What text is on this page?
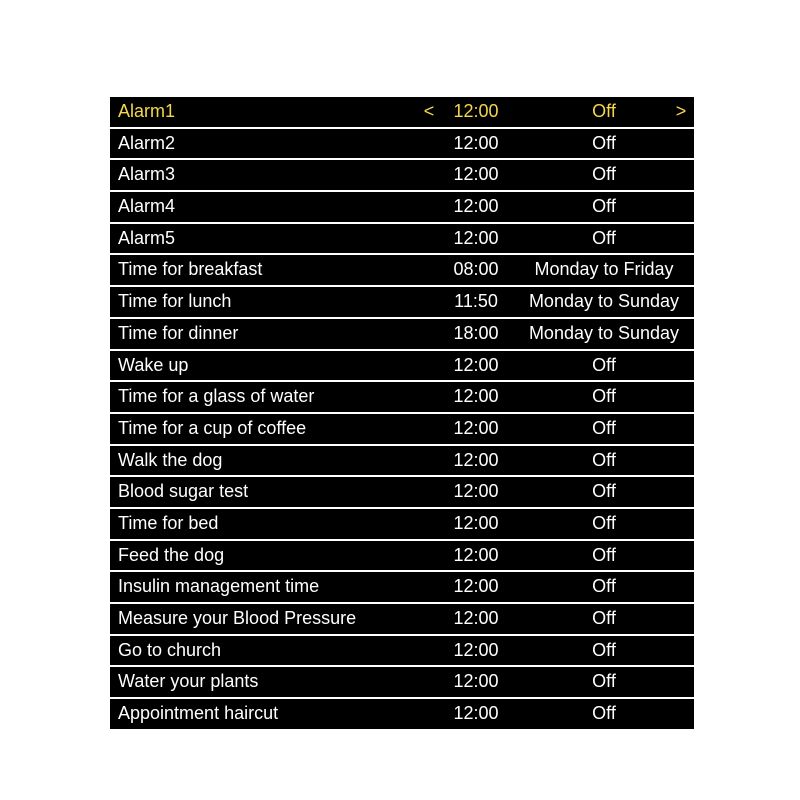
Alarm1	< 12:00	Off	>
Alarm2	12:00	Off
Alarm3	12:00	Off
Alarm4	12:00	Off
Alarm5	12:00	Off
Time for breakfast	08:00	Monday to Friday
Time for lunch	11:50	Monday to Sunday
Time for dinner	18:00	Monday to Sunday
Wake up	12:00	Off
Time for a glass of water	12:00	Off
Time for a cup of coffee	12:00	Off
Walk the dog	12:00	Off
Blood sugar test	12:00	Off
Time for bed	12:00	Off
Feed the dog	12:00	Off
Insulin management time	12:00	Off
Measure your Blood Pressure	12:00	Off
Go to church	12:00	Off
Water your plants	12:00	Off
Appointment haircut	12:00	Off
